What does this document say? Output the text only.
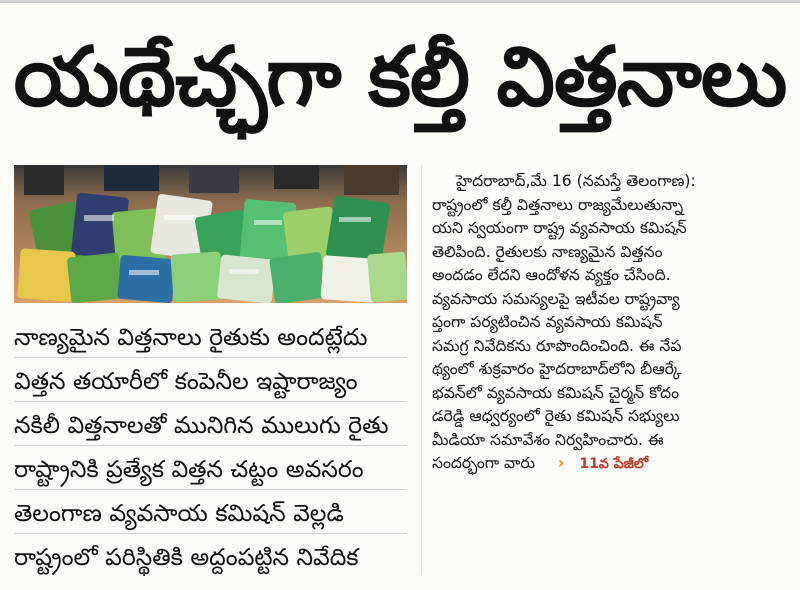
యథేచ్ఛగా కల్తీ విత్తనాలు
నాణ్యమైన విత్తనాలు రైతుకు అందట్లేదు
విత్తన తయారీలో కంపెనీల ఇష్టారాజ్యం
నకిలీ విత్తనాలతో మునిగిన ములుగు రైతు
రాష్ట్రానికి ప్రత్యేక విత్తన చట్టం అవసరం
తెలంగాణ వ్యవసాయ కమిషన్ వెల్లడి
రాష్ట్రంలో పరిస్థితికి అద్దంపట్టిన నివేదిక
హైదరాబాద్,మే 16 (నమస్తే తెలంగాణ):
రాష్ట్రంలో కల్తీ విత్తనాలు రాజ్యమేలుతున్నా
యని స్వయంగా రాష్ట్ర వ్యవసాయ కమిషన్
తెలిపింది. రైతులకు నాణ్యమైన విత్తనం
అందడం లేదని ఆందోళన వ్యక్తం చేసింది.
వ్యవసాయ సమస్యలపై ఇటీవల రాష్ట్రవ్యా
ప్తంగా పర్యటించిన వ్యవసాయ కమిషన్
సమగ్ర నివేదికను రూపొందించింది. ఈ నేప
థ్యంలో శుక్రవారం హైదరాబాద్‌లోని బీఆర్కే
భవన్‌లో వ్యవసాయ కమిషన్ చైర్మన్ కోదం
డరెడ్డి ఆధ్వర్యంలో రైతు కమిషన్ సభ్యులు
మీడియా సమావేశం నిర్వహించారు. ఈ
సందర్భంగా వారు › 11వ పేజీలో
